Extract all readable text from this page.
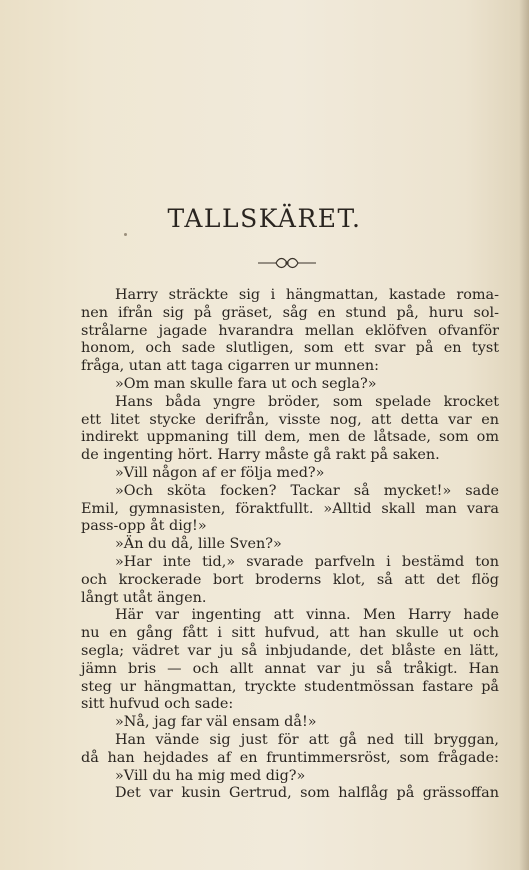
TALLSKÄRET.
Harry sträckte sig i hängmattan, kastade roma-
nen ifrån sig på gräset, såg en stund på, huru sol-
strålarne jagade hvarandra mellan eklöfven ofvanför
honom, och sade slutligen, som ett svar på en tyst
fråga, utan att taga cigarren ur munnen:
»Om man skulle fara ut och segla?»
Hans båda yngre bröder, som spelade krocket
ett litet stycke derifrån, visste nog, att detta var en
indirekt uppmaning till dem, men de låtsade, som om
de ingenting hört. Harry måste gå rakt på saken.
»Vill någon af er följa med?»
»Och sköta focken? Tackar så mycket!» sade
Emil, gymnasisten, föraktfullt. »Alltid skall man vara
pass-opp åt dig!»
»Än du då, lille Sven?»
»Har inte tid,» svarade parfveln i bestämd ton
och krockerade bort broderns klot, så att det flög
långt utåt ängen.
Här var ingenting att vinna. Men Harry hade
nu en gång fått i sitt hufvud, att han skulle ut och
segla; vädret var ju så inbjudande, det blåste en lätt,
jämn bris — och allt annat var ju så tråkigt. Han
steg ur hängmattan, tryckte studentmössan fastare på
sitt hufvud och sade:
»Nå, jag far väl ensam då!»
Han vände sig just för att gå ned till bryggan,
då han hejdades af en fruntimmersröst, som frågade:
»Vill du ha mig med dig?»
Det var kusin Gertrud, som halflåg på grässoffan
